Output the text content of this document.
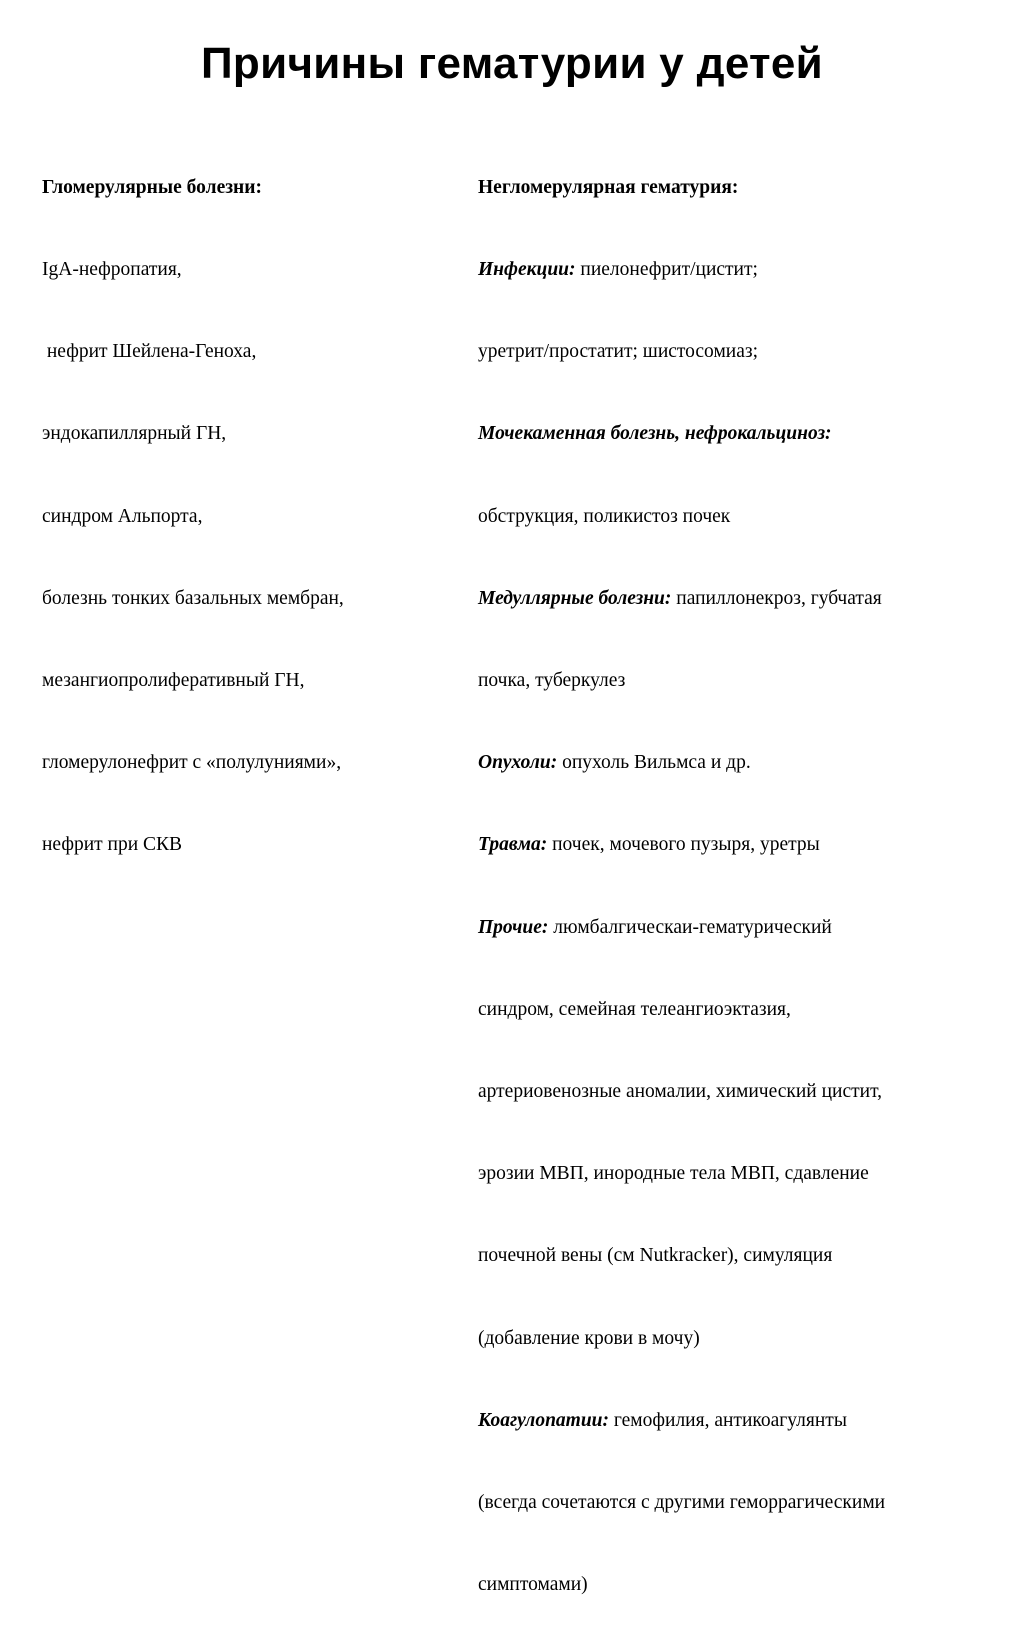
Причины гематурии у детей

Гломерулярные болезни:

IgA-нефропатия,

нефрит Шейлена-Геноха,

эндокапиллярный ГН,

синдром Альпорта,

болезнь тонких базальных мембран,

мезангиопролиферативный ГН,

гломерулонефрит с «полулуниями»,

нефрит при СКВ

Негломерулярная гематурия:

Инфекции: пиелонефрит/цистит;

уретрит/простатит; шистосомиаз;

Мочекаменная болезнь, нефрокальциноз:

обструкция, поликистоз почек

Медуллярные болезни: папиллонекроз, губчатая

почка, туберкулез

Опухоли: опухоль Вильмса и др.

Травма: почек, мочевого пузыря, уретры

Прочие: люмбалгическаи-гематурический

синдром, семейная телеангиоэктазия,

артериовенозные аномалии, химический цистит,

эрозии МВП, инородные тела МВП, сдавление

почечной вены (см Nutkracker), симуляция

(добавление крови в мочу)

Коагулопатии: гемофилия, антикоагулянты

(всегда сочетаются с другими геморрагическими

симптомами)
